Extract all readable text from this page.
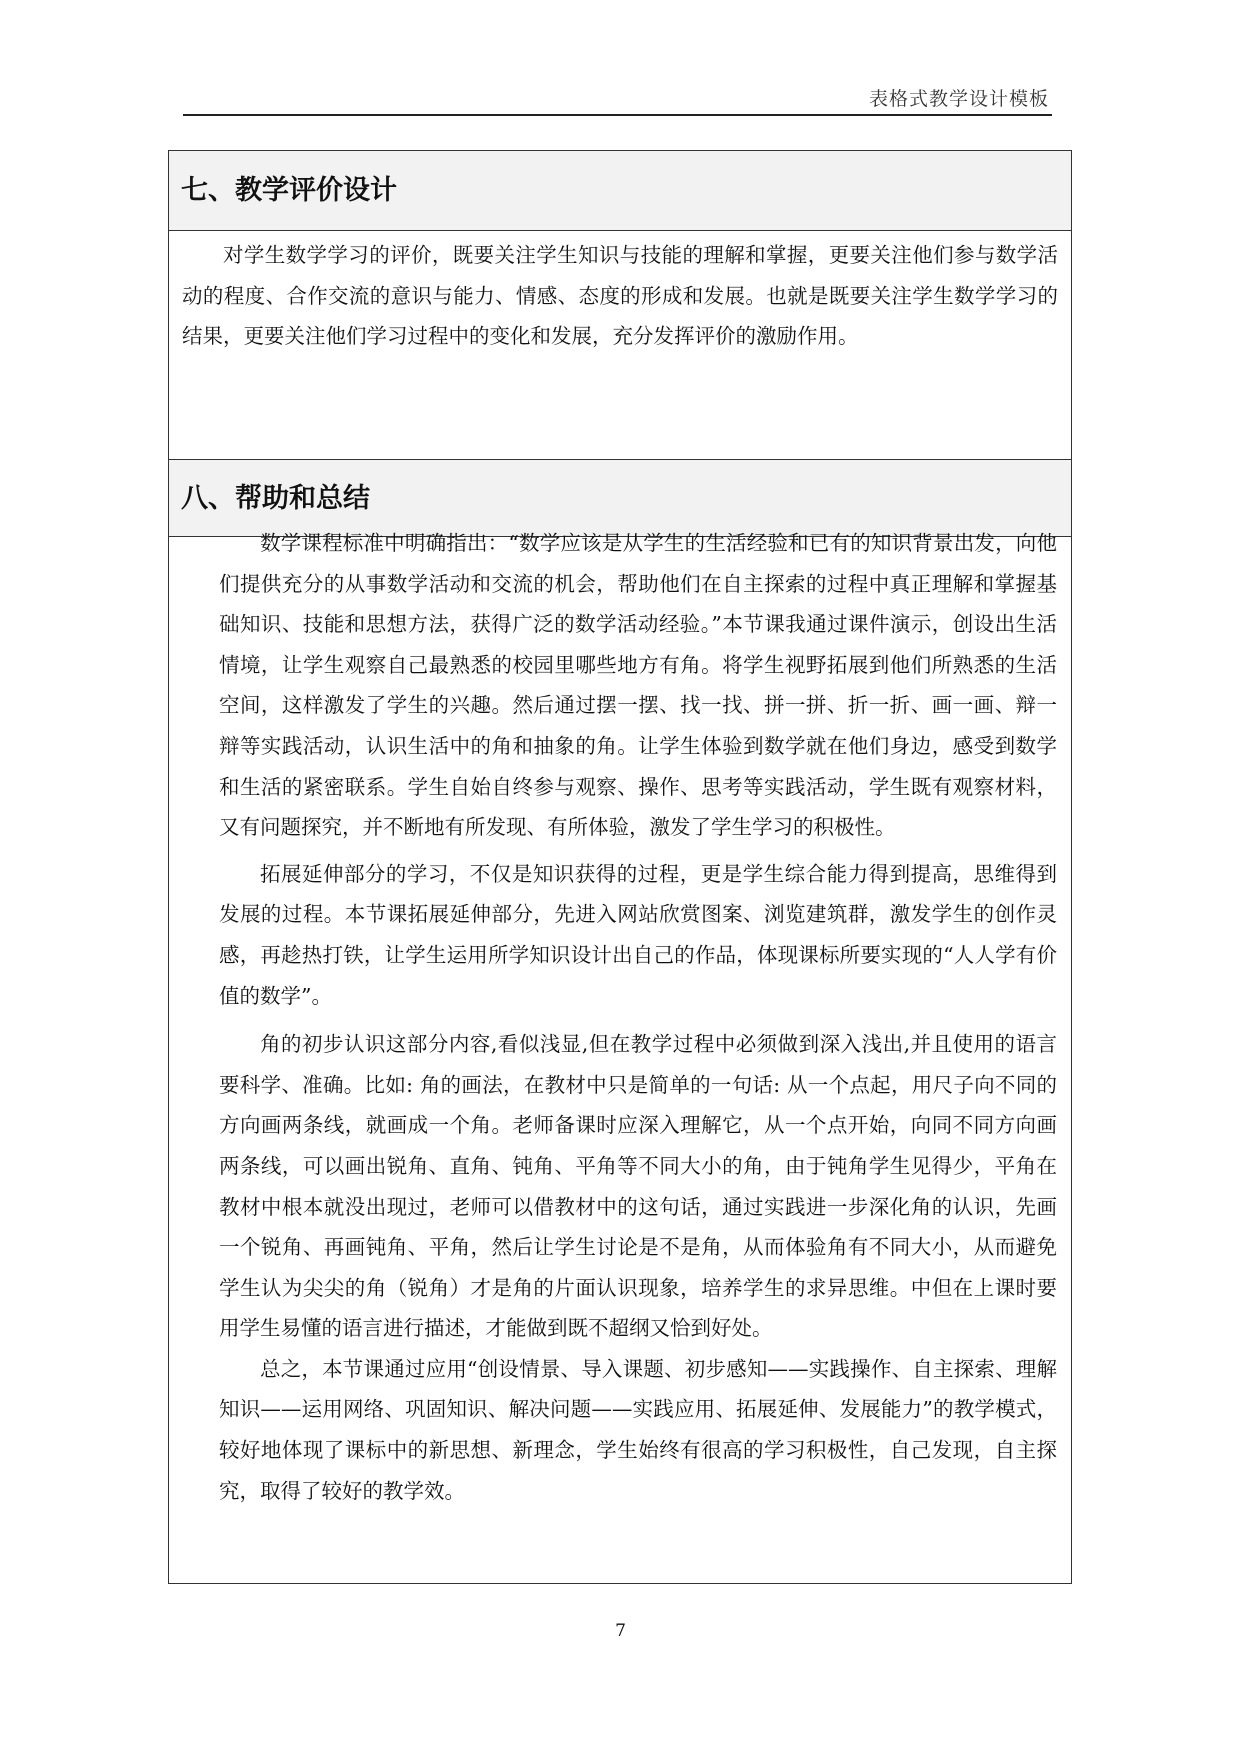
表格式教学设计模板
七、教学评价设计

对学生数学学习的评价，既要关注学生知识与技能的理解和掌握，更要关注他们参与数学活动的程度、合作交流的意识与能力、情感、态度的形成和发展。也就是既要关注学生数学学习的结果，更要关注他们学习过程中的变化和发展，充分发挥评价的激励作用。

八、帮助和总结

数学课程标准中明确指出：“数学应该是从学生的生活经验和已有的知识背景出发，向他们提供充分的从事数学活动和交流的机会，帮助他们在自主探索的过程中真正理解和掌握基础知识、技能和思想方法，获得广泛的数学活动经验。”本节课我通过课件演示，创设出生活情境，让学生观察自己最熟悉的校园里哪些地方有角。将学生视野拓展到他们所熟悉的生活空间，这样激发了学生的兴趣。然后通过摆一摆、找一找、拼一拼、折一折、画一画、辩一辩等实践活动，认识生活中的角和抽象的角。让学生体验到数学就在他们身边，感受到数学和生活的紧密联系。学生自始自终参与观察、操作、思考等实践活动，学生既有观察材料，又有问题探究，并不断地有所发现、有所体验，激发了学生学习的积极性。

拓展延伸部分的学习，不仅是知识获得的过程，更是学生综合能力得到提高，思维得到发展的过程。本节课拓展延伸部分，先进入网站欣赏图案、浏览建筑群，激发学生的创作灵感，再趁热打铁，让学生运用所学知识设计出自己的作品，体现课标所要实现的“人人学有价值的数学”。

角的初步认识这部分内容,看似浅显,但在教学过程中必须做到深入浅出,并且使用的语言要科学、准确。比如: 角的画法，在教材中只是简单的一句话: 从一个点起，用尺子向不同的方向画两条线，就画成一个角。老师备课时应深入理解它，从一个点开始，向同不同方向画两条线，可以画出锐角、直角、钝角、平角等不同大小的角，由于钝角学生见得少，平角在教材中根本就没出现过，老师可以借教材中的这句话，通过实践进一步深化角的认识，先画一个锐角、再画钝角、平角，然后让学生讨论是不是角，从而体验角有不同大小，从而避免学生认为尖尖的角（锐角）才是角的片面认识现象，培养学生的求异思维。中但在上课时要用学生易懂的语言进行描述，才能做到既不超纲又恰到好处。

总之，本节课通过应用“创设情景、导入课题、初步感知——实践操作、自主探索、理解知识——运用网络、巩固知识、解决问题——实践应用、拓展延伸、发展能力”的教学模式，较好地体现了课标中的新思想、新理念，学生始终有很高的学习积极性，自己发现，自主探究，取得了较好的教学效。

7
